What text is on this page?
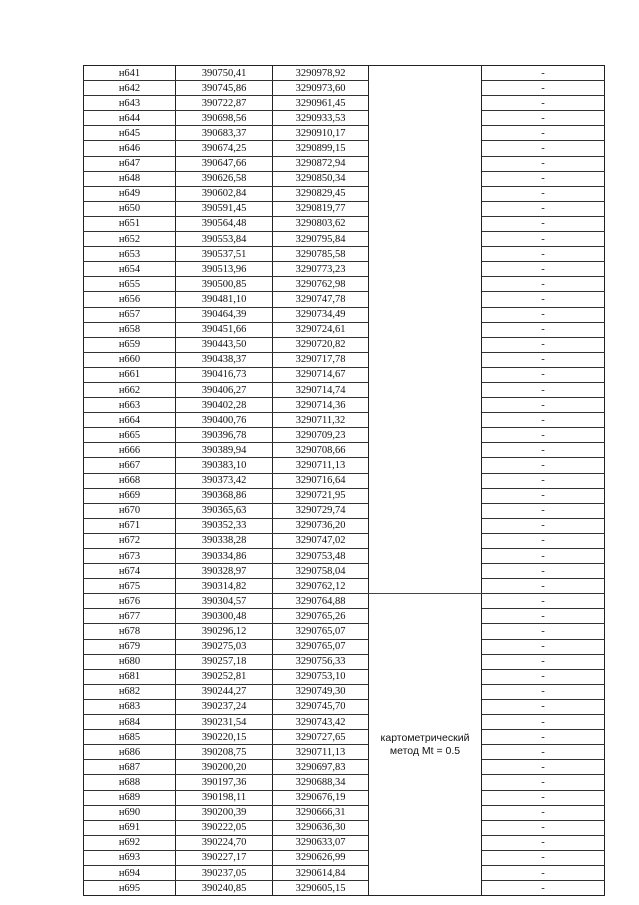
н641	390750,41	3290978,92		-
н642	390745,86	3290973,60		-
н643	390722,87	3290961,45		-
н644	390698,56	3290933,53		-
н645	390683,37	3290910,17		-
н646	390674,25	3290899,15		-
н647	390647,66	3290872,94		-
н648	390626,58	3290850,34		-
н649	390602,84	3290829,45		-
н650	390591,45	3290819,77		-
н651	390564,48	3290803,62		-
н652	390553,84	3290795,84		-
н653	390537,51	3290785,58		-
н654	390513,96	3290773,23		-
н655	390500,85	3290762,98		-
н656	390481,10	3290747,78		-
н657	390464,39	3290734,49		-
н658	390451,66	3290724,61		-
н659	390443,50	3290720,82		-
н660	390438,37	3290717,78		-
н661	390416,73	3290714,67		-
н662	390406,27	3290714,74		-
н663	390402,28	3290714,36		-
н664	390400,76	3290711,32		-
н665	390396,78	3290709,23		-
н666	390389,94	3290708,66		-
н667	390383,10	3290711,13		-
н668	390373,42	3290716,64		-
н669	390368,86	3290721,95		-
н670	390365,63	3290729,74		-
н671	390352,33	3290736,20		-
н672	390338,28	3290747,02		-
н673	390334,86	3290753,48		-
н674	390328,97	3290758,04		-
н675	390314,82	3290762,12		-
н676	390304,57	3290764,88	картометрический метод Mt = 0.5	-
н677	390300,48	3290765,26		-
н678	390296,12	3290765,07		-
н679	390275,03	3290765,07		-
н680	390257,18	3290756,33		-
н681	390252,81	3290753,10		-
н682	390244,27	3290749,30		-
н683	390237,24	3290745,70		-
н684	390231,54	3290743,42		-
н685	390220,15	3290727,65		-
н686	390208,75	3290711,13		-
н687	390200,20	3290697,83		-
н688	390197,36	3290688,34		-
н689	390198,11	3290676,19		-
н690	390200,39	3290666,31		-
н691	390222,05	3290636,30		-
н692	390224,70	3290633,07		-
н693	390227,17	3290626,99		-
н694	390237,05	3290614,84		-
н695	390240,85	3290605,15		-
